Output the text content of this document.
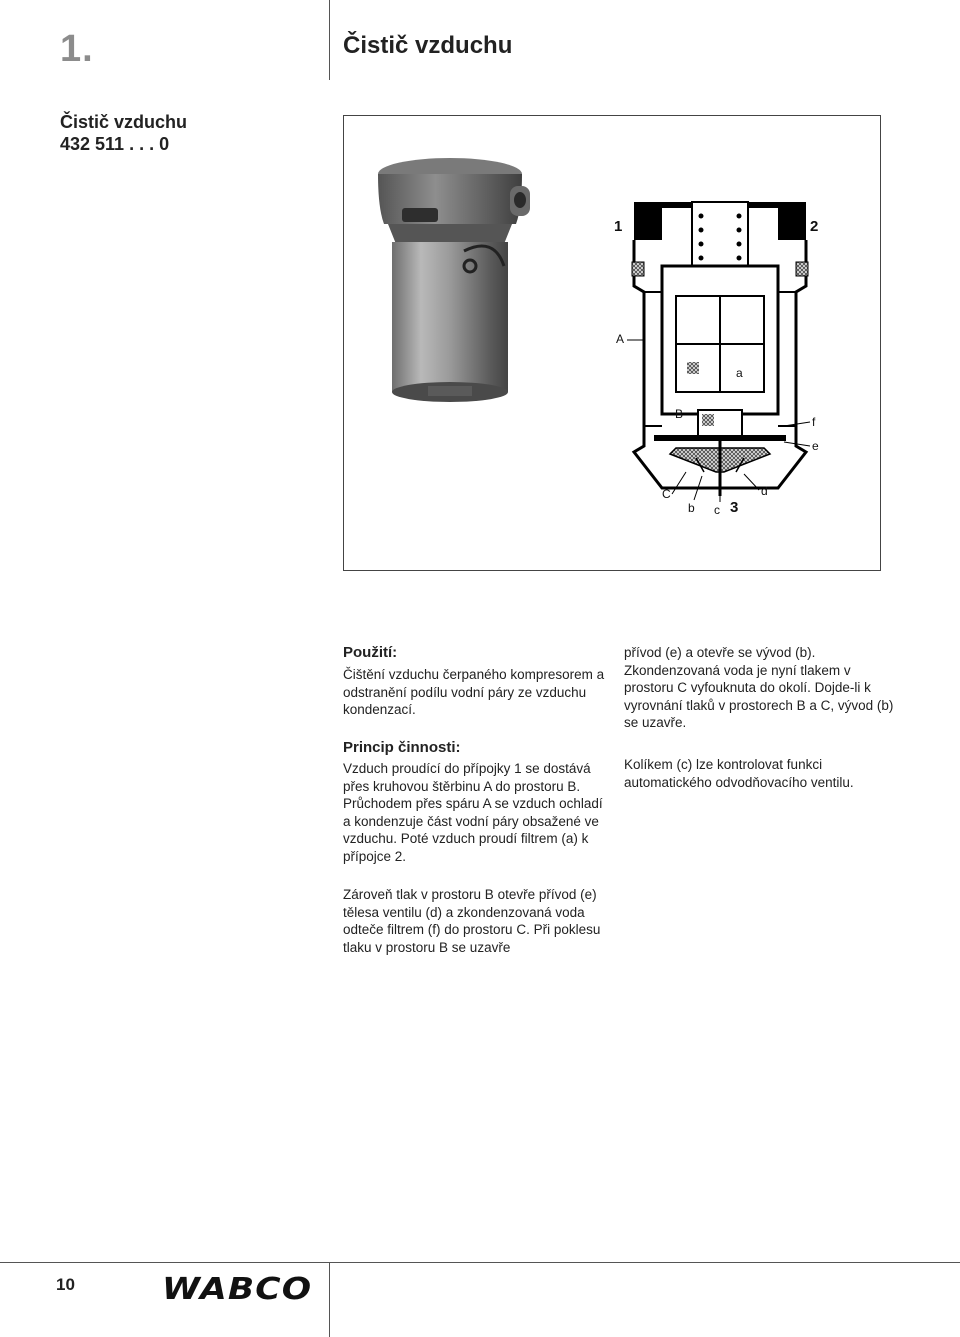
1.	Čistič vzduchu
Čistič vzduchu
432 511 . . . 0
1	2
A
a
B
f
e
C
b c 3
d
Použití:
Čištění vzduchu čerpaného kompresorem a odstranění podílu vodní páry ze vzduchu kondenzací.
Princip činnosti:
Vzduch proudící do přípojky 1 se dostává přes kruhovou štěrbinu A do prostoru B. Průchodem přes spáru A se vzduch ochladí a kondenzuje část vodní páry obsažené ve vzduchu. Poté vzduch proudí filtrem (a) k přípojce 2.
Zároveň tlak v prostoru B otevře přívod (e) tělesa ventilu (d) a zkondenzovaná voda odteče filtrem (f) do prostoru C. Při poklesu tlaku v prostoru B se uzavře
přívod (e) a otevře se vývod (b). Zkondenzovaná voda je nyní tlakem v prostoru C vyfouknuta do okolí. Dojde-li k vyrovnání tlaků v prostorech B a C, vývod (b) se uzavře.
Kolíkem (c) lze kontrolovat funkci automatického odvodňovacího ventilu.
10	WABCO
